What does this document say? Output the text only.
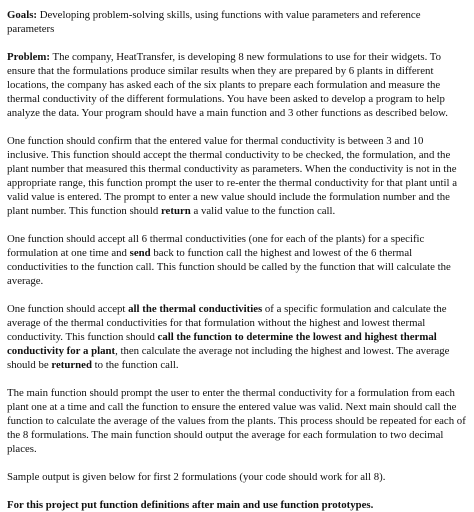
Goals: Developing problem-solving skills, using functions with value parameters and reference parameters

Problem: The company, HeatTransfer, is developing 8 new formulations to use for their widgets. To ensure that the formulations produce similar results when they are prepared by 6 plants in different locations, the company has asked each of the six plants to prepare each formulation and measure the thermal conductivity of the different formulations. You have been asked to develop a program to help analyze the data. Your program should have a main function and 3 other functions as described below.

One function should confirm that the entered value for thermal conductivity is between 3 and 10 inclusive. This function should accept the thermal conductivity to be checked, the formulation, and the plant number that measured this thermal conductivity as parameters. When the conductivity is not in the appropriate range, this function prompt the user to re-enter the thermal conductivity for that plant until a valid value is entered. The prompt to enter a new value should include the formulation number and the plant number. This function should return a valid value to the function call.

One function should accept all 6 thermal conductivities (one for each of the plants) for a specific formulation at one time and send back to function call the highest and lowest of the 6 thermal conductivities to the function call. This function should be called by the function that will calculate the average.

One function should accept all the thermal conductivities of a specific formulation and calculate the average of the thermal conductivities for that formulation without the highest and lowest thermal conductivity. This function should call the function to determine the lowest and highest thermal conductivity for a plant, then calculate the average not including the highest and lowest. The average should be returned to the function call.

The main function should prompt the user to enter the thermal conductivity for a formulation from each plant one at a time and call the function to ensure the entered value was valid. Next main should call the function to calculate the average of the values from the plants. This process should be repeated for each of the 8 formulations. The main function should output the average for each formulation to two decimal places.

Sample output is given below for first 2 formulations (your code should work for all 8).

For this project put function definitions after main and use function prototypes.
